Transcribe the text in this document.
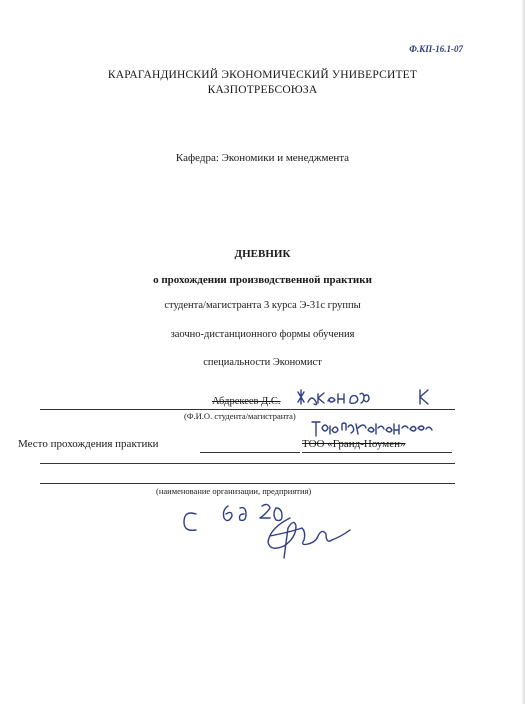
Ф.КП-16.1-07
КАРАГАНДИНСКИЙ ЭКОНОМИЧЕСКИЙ УНИВЕРСИТЕТ
КАЗПОТРЕБСОЮЗА
Кафедра: Экономики и менеджмента
ДНЕВНИК
о прохождении производственной практики
студента/магистранта 3 курса Э-31с группы
заочно-дистанционного формы обучения
специальности Экономист
Абдрекеев Д.С.
(Ф.И.О. студента/магистранта)
Место прохождения практики	ТОО «Гранд-Ноумен»
(наименование организации, предприятия)
